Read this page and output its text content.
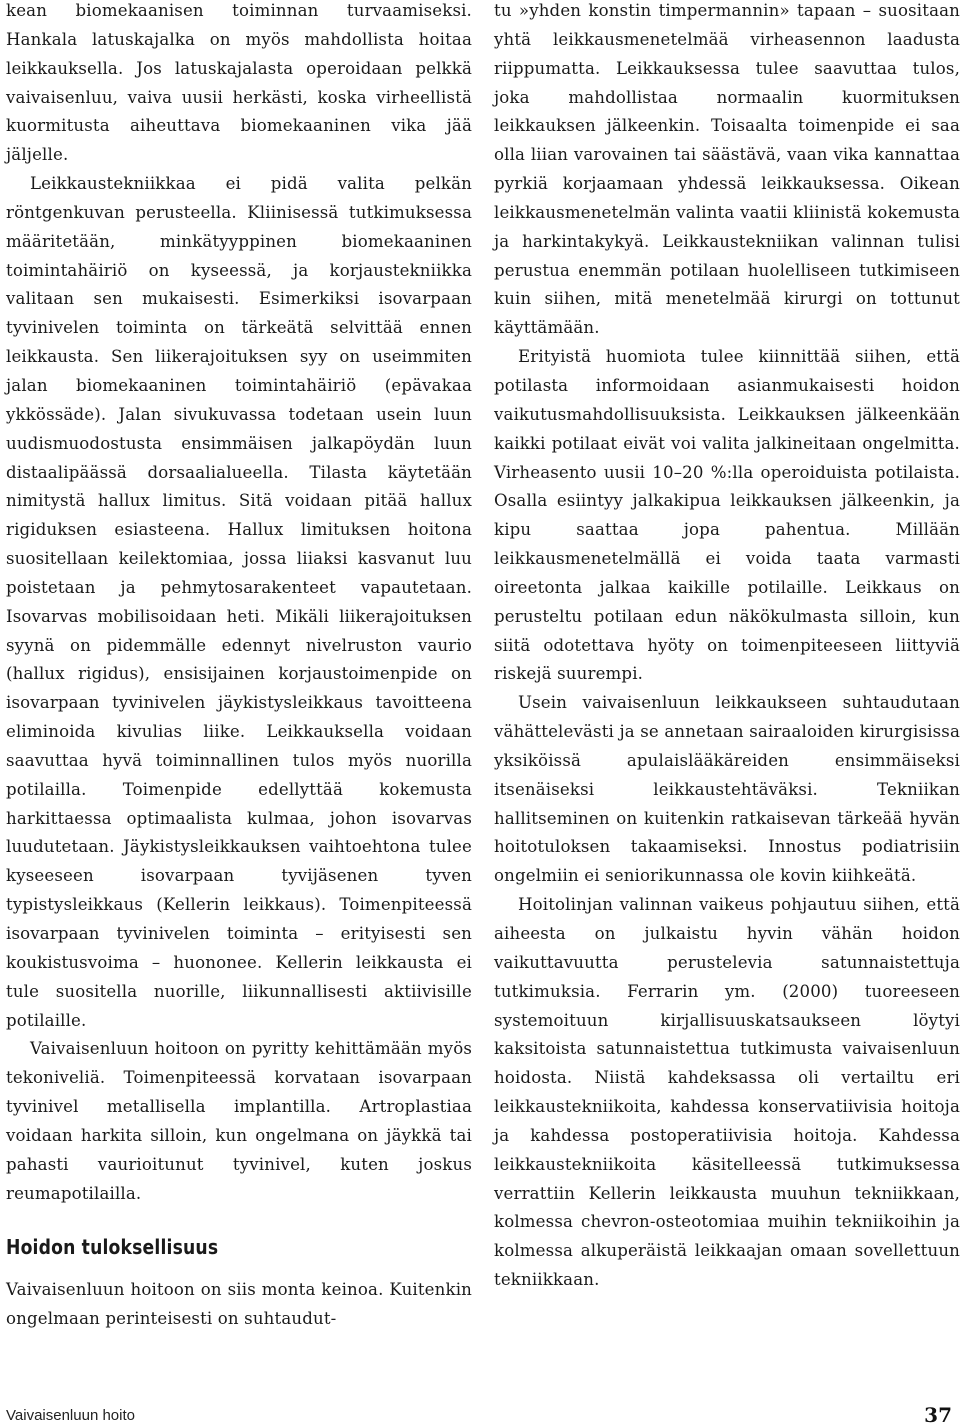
kean biomekaanisen toiminnan turvaamiseksi. Hankala latuskajalka on myös mahdollista hoitaa leikkauksella. Jos latuskajalasta operoidaan pelkkä vaivaisenluu, vaiva uusii herkästi, koska virheellistä kuormitusta aiheuttava biomekaaninen vika jää jäljelle.

Leikkaustekniikkaa ei pidä valita pelkän röntgenkuvan perusteella. Kliinisessä tutkimuksessa määritetään, minkätyyppinen biomekaaninen toimintahäiriö on kyseessä, ja korjaustekniikka valitaan sen mukaisesti. Esimerkiksi isovarpaan tyvinivelen toiminta on tärkeätä selvittää ennen leikkausta. Sen liikerajoituksen syy on useimmiten jalan biomekaaninen toimintahäiriö (epävakaa ykkössäde). Jalan sivukuvassa todetaan usein luun uudismuodostusta ensimmäisen jalkapöydän luun distaalipäässä dorsaalialueella. Tilasta käytetään nimitystä hallux limitus. Sitä voidaan pitää hallux rigiduksen esiasteena. Hallux limituksen hoitona suositellaan keilektomiaa, jossa liiaksi kasvanut luu poistetaan ja pehmytosarakenteet vapautetaan. Isovarvas mobilisoidaan heti. Mikäli liikerajoituksen syynä on pidemmälle edennyt nivelruston vaurio (hallux rigidus), ensisijainen korjaustoimenpide on isovarpaan tyvinivelen jäykistysleikkaus tavoitteena eliminoida kivulias liike. Leikkauksella voidaan saavuttaa hyvä toiminnallinen tulos myös nuorilla potilailla. Toimenpide edellyttää kokemusta harkittaessa optimaalista kulmaa, johon isovarvas luudutetaan. Jäykistysleikkauksen vaihtoehtona tulee kyseeseen isovarpaan tyvijäsenen tyven typistysleikkaus (Kellerin leikkaus). Toimenpiteessä isovarpaan tyvinivelen toiminta – erityisesti sen koukistusvoima – huononee. Kellerin leikkausta ei tule suositella nuorille, liikunnallisesti aktiivisille potilaille.

Vaivaisenluun hoitoon on pyritty kehittämään myös tekoniveliä. Toimenpiteessä korvataan isovarpaan tyvinivel metallisella implantilla. Artroplastiaa voidaan harkita silloin, kun ongelmana on jäykkä tai pahasti vaurioitunut tyvinivel, kuten joskus reumapotilailla.

Hoidon tuloksellisuus

Vaivaisenluun hoitoon on siis monta keinoa. Kuitenkin ongelmaan perinteisesti on suhtaudut-

tu »yhden konstin timpermannin» tapaan – suositaan yhtä leikkausmenetelmää virheasennon laadusta riippumatta. Leikkauksessa tulee saavuttaa tulos, joka mahdollistaa normaalin kuormituksen leikkauksen jälkeenkin. Toisaalta toimenpide ei saa olla liian varovainen tai säästävä, vaan vika kannattaa pyrkiä korjaamaan yhdessä leikkauksessa. Oikean leikkausmenetelmän valinta vaatii kliinistä kokemusta ja harkintakykyä. Leikkaustekniikan valinnan tulisi perustua enemmän potilaan huolelliseen tutkimiseen kuin siihen, mitä menetelmää kirurgi on tottunut käyttämään.

Erityistä huomiota tulee kiinnittää siihen, että potilasta informoidaan asianmukaisesti hoidon vaikutusmahdollisuuksista. Leikkauksen jälkeenkään kaikki potilaat eivät voi valita jalkineitaan ongelmitta. Virheasento uusii 10–20 %:lla operoiduista potilaista. Osalla esiintyy jalkakipua leikkauksen jälkeenkin, ja kipu saattaa jopa pahentua. Millään leikkausmenetelmällä ei voida taata varmasti oireetonta jalkaa kaikille potilaille. Leikkaus on perusteltu potilaan edun näkökulmasta silloin, kun siitä odotettava hyöty on toimenpiteeseen liittyviä riskejä suurempi.

Usein vaivaisenluun leikkaukseen suhtaudutaan vähättelevästi ja se annetaan sairaaloiden kirurgisissa yksiköissä apulaislääkäreiden ensimmäiseksi itsenäiseksi leikkaustehtäväksi. Tekniikan hallitseminen on kuitenkin ratkaisevan tärkeää hyvän hoitotuloksen takaamiseksi. Innostus podiatrisiin ongelmiin ei seniorikunnassa ole kovin kiihkeätä.

Hoitolinjan valinnan vaikeus pohjautuu siihen, että aiheesta on julkaistu hyvin vähän hoidon vaikuttavuutta perustelevia satunnaistettuja tutkimuksia. Ferrarin ym. (2000) tuoreeseen systemoituun kirjallisuuskatsaukseen löytyi kaksitoista satunnaistettua tutkimusta vaivaisenluun hoidosta. Niistä kahdeksassa oli vertailtu eri leikkaustekniikoita, kahdessa konservatiivisia hoitoja ja kahdessa postoperatiivisia hoitoja. Kahdessa leikkaustekniikoita käsitelleessä tutkimuksessa verrattiin Kellerin leikkausta muuhun tekniikkaan, kolmessa chevron-osteotomiaa muihin tekniikoihin ja kolmessa alkuperäistä leikkaajan omaan sovellettuun tekniikkaan.

Vaivaisenluun hoito	37
